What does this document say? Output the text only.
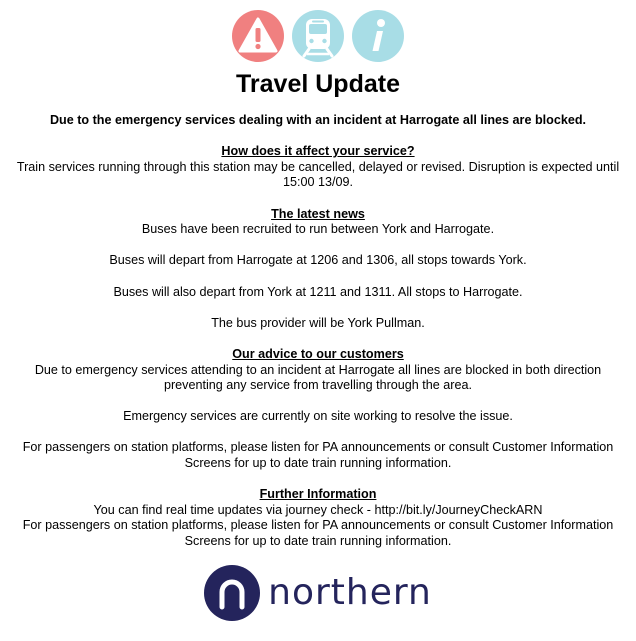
Travel Update

Due to the emergency services dealing with an incident at Harrogate all lines are blocked.

How does it affect your service?

Train services running through this station may be cancelled, delayed or revised. Disruption is expected until 15:00 13/09.

The latest news

Buses have been recruited to run between York and Harrogate.

Buses will depart from Harrogate at 1206 and 1306, all stops towards York.

Buses will also depart from York at 1211 and 1311. All stops to Harrogate.

The bus provider will be York Pullman.

Our advice to our customers

Due to emergency services attending to an incident at Harrogate all lines are blocked in both direction preventing any service from travelling through the area.

Emergency services are currently on site working to resolve the issue.

For passengers on station platforms, please listen for PA announcements or consult Customer Information Screens for up to date train running information.

Further Information

You can find real time updates via journey check - http://bit.ly/JourneyCheckARN

For passengers on station platforms, please listen for PA announcements or consult Customer Information Screens for up to date train running information.

northern
